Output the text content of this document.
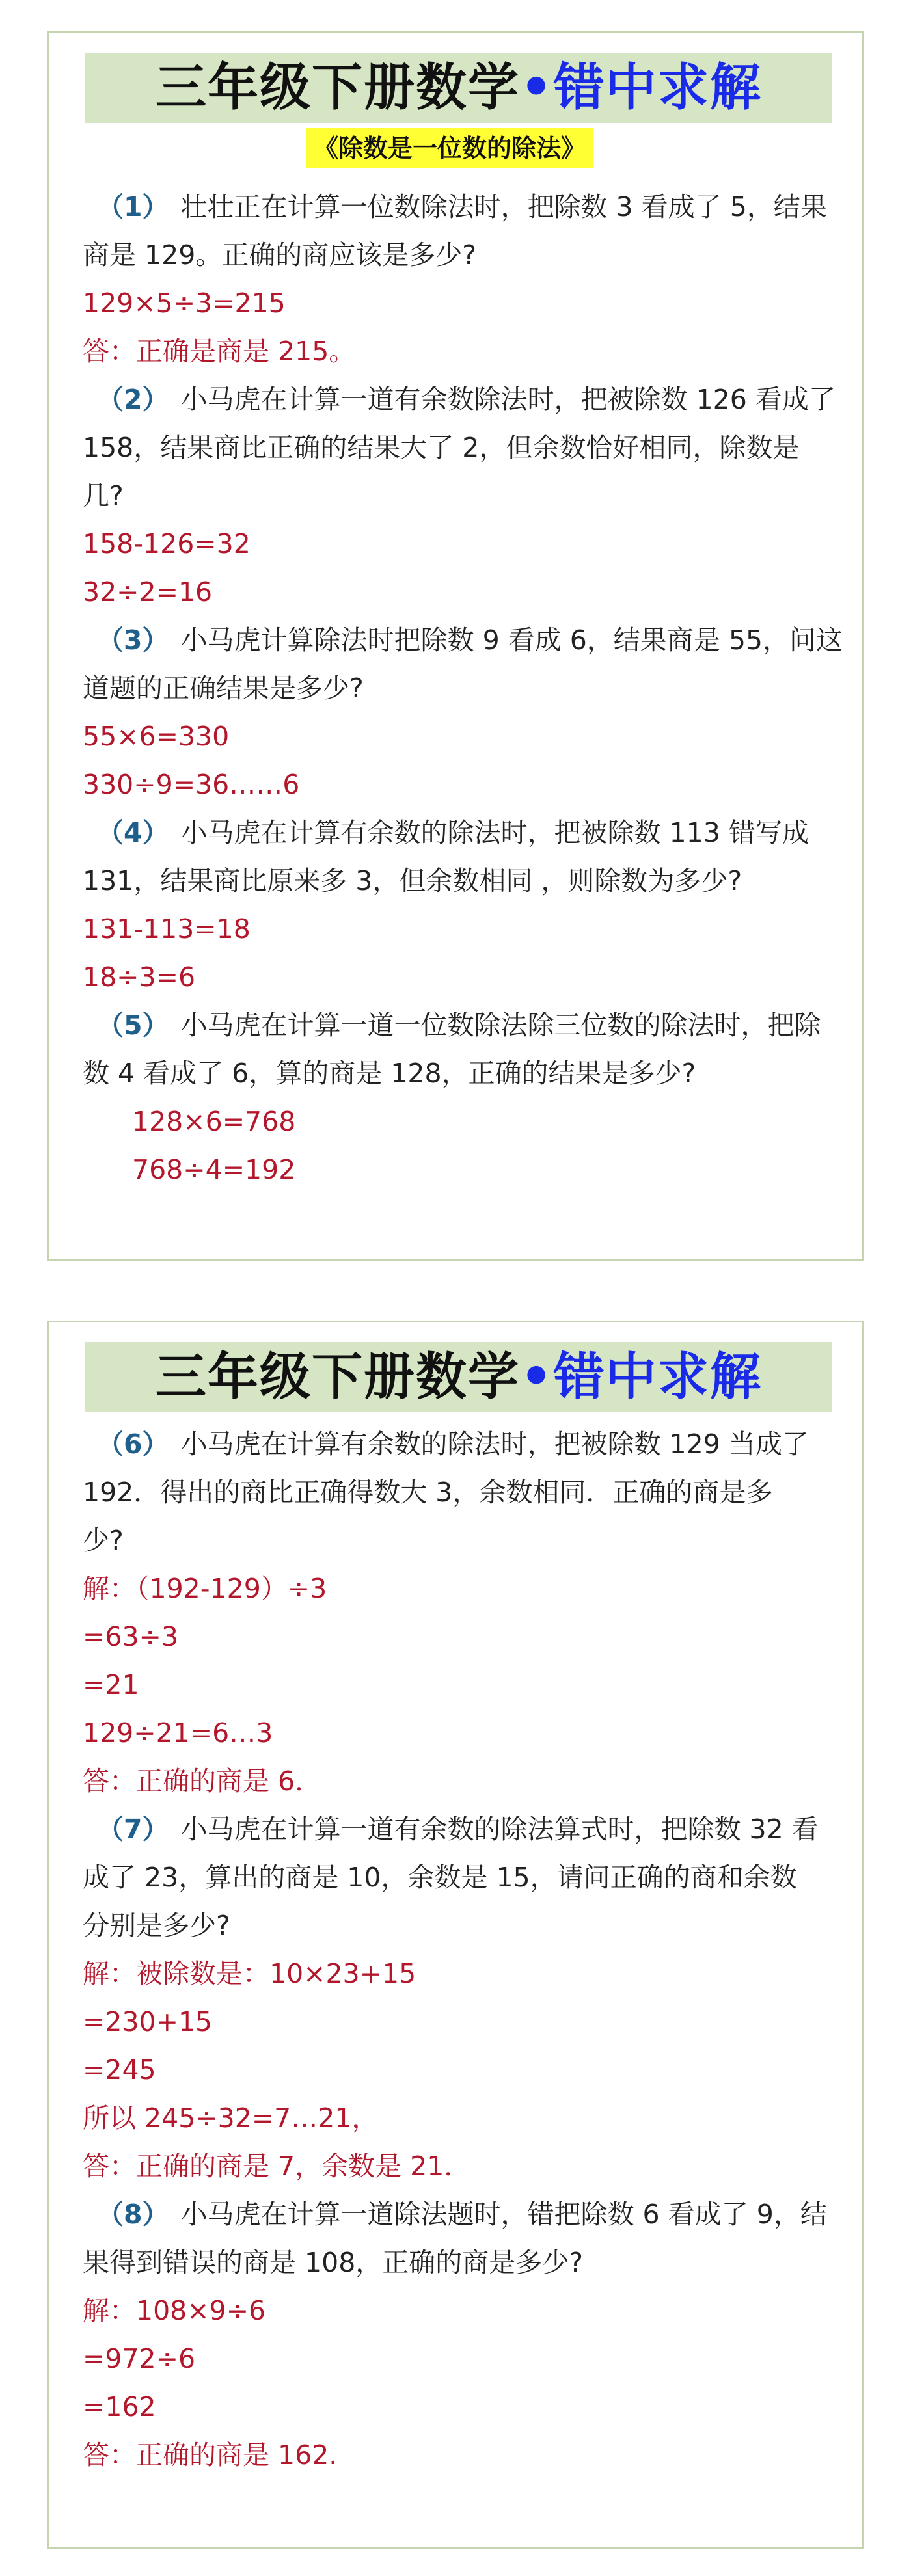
三年级下册数学•错中求解
《除数是一位数的除法》
（1） 壮壮正在计算一位数除法时，把除数 3 看成了 5，结果
商是 129。正确的商应该是多少?
129×5÷3=215
答：正确是商是 215。
（2） 小马虎在计算一道有余数除法时，把被除数 126 看成了
158，结果商比正确的结果大了 2，但余数恰好相同，除数是
几?
158-126=32
32÷2=16
（3） 小马虎计算除法时把除数 9 看成 6，结果商是 55，问这
道题的正确结果是多少?
55×6=330
330÷9=36……6
（4） 小马虎在计算有余数的除法时，把被除数 113 错写成
131，结果商比原来多 3，但余数相同 ，则除数为多少?
131-113=18
18÷3=6
（5） 小马虎在计算一道一位数除法除三位数的除法时，把除
数 4 看成了 6，算的商是 128，正确的结果是多少?
128×6=768
768÷4=192
三年级下册数学•错中求解
（6） 小马虎在计算有余数的除法时，把被除数 129 当成了
192．得出的商比正确得数大 3，余数相同．正确的商是多
少?
解：（192-129）÷3
=63÷3
=21
129÷21=6…3
答：正确的商是 6．
（7） 小马虎在计算一道有余数的除法算式时，把除数 32 看
成了 23，算出的商是 10，余数是 15，请问正确的商和余数
分别是多少?
解：被除数是：10×23+15
=230+15
=245
所以 245÷32=7…21，
答：正确的商是 7，余数是 21．
（8） 小马虎在计算一道除法题时，错把除数 6 看成了 9，结
果得到错误的商是 108，正确的商是多少?
解：108×9÷6
=972÷6
=162
答：正确的商是 162.
